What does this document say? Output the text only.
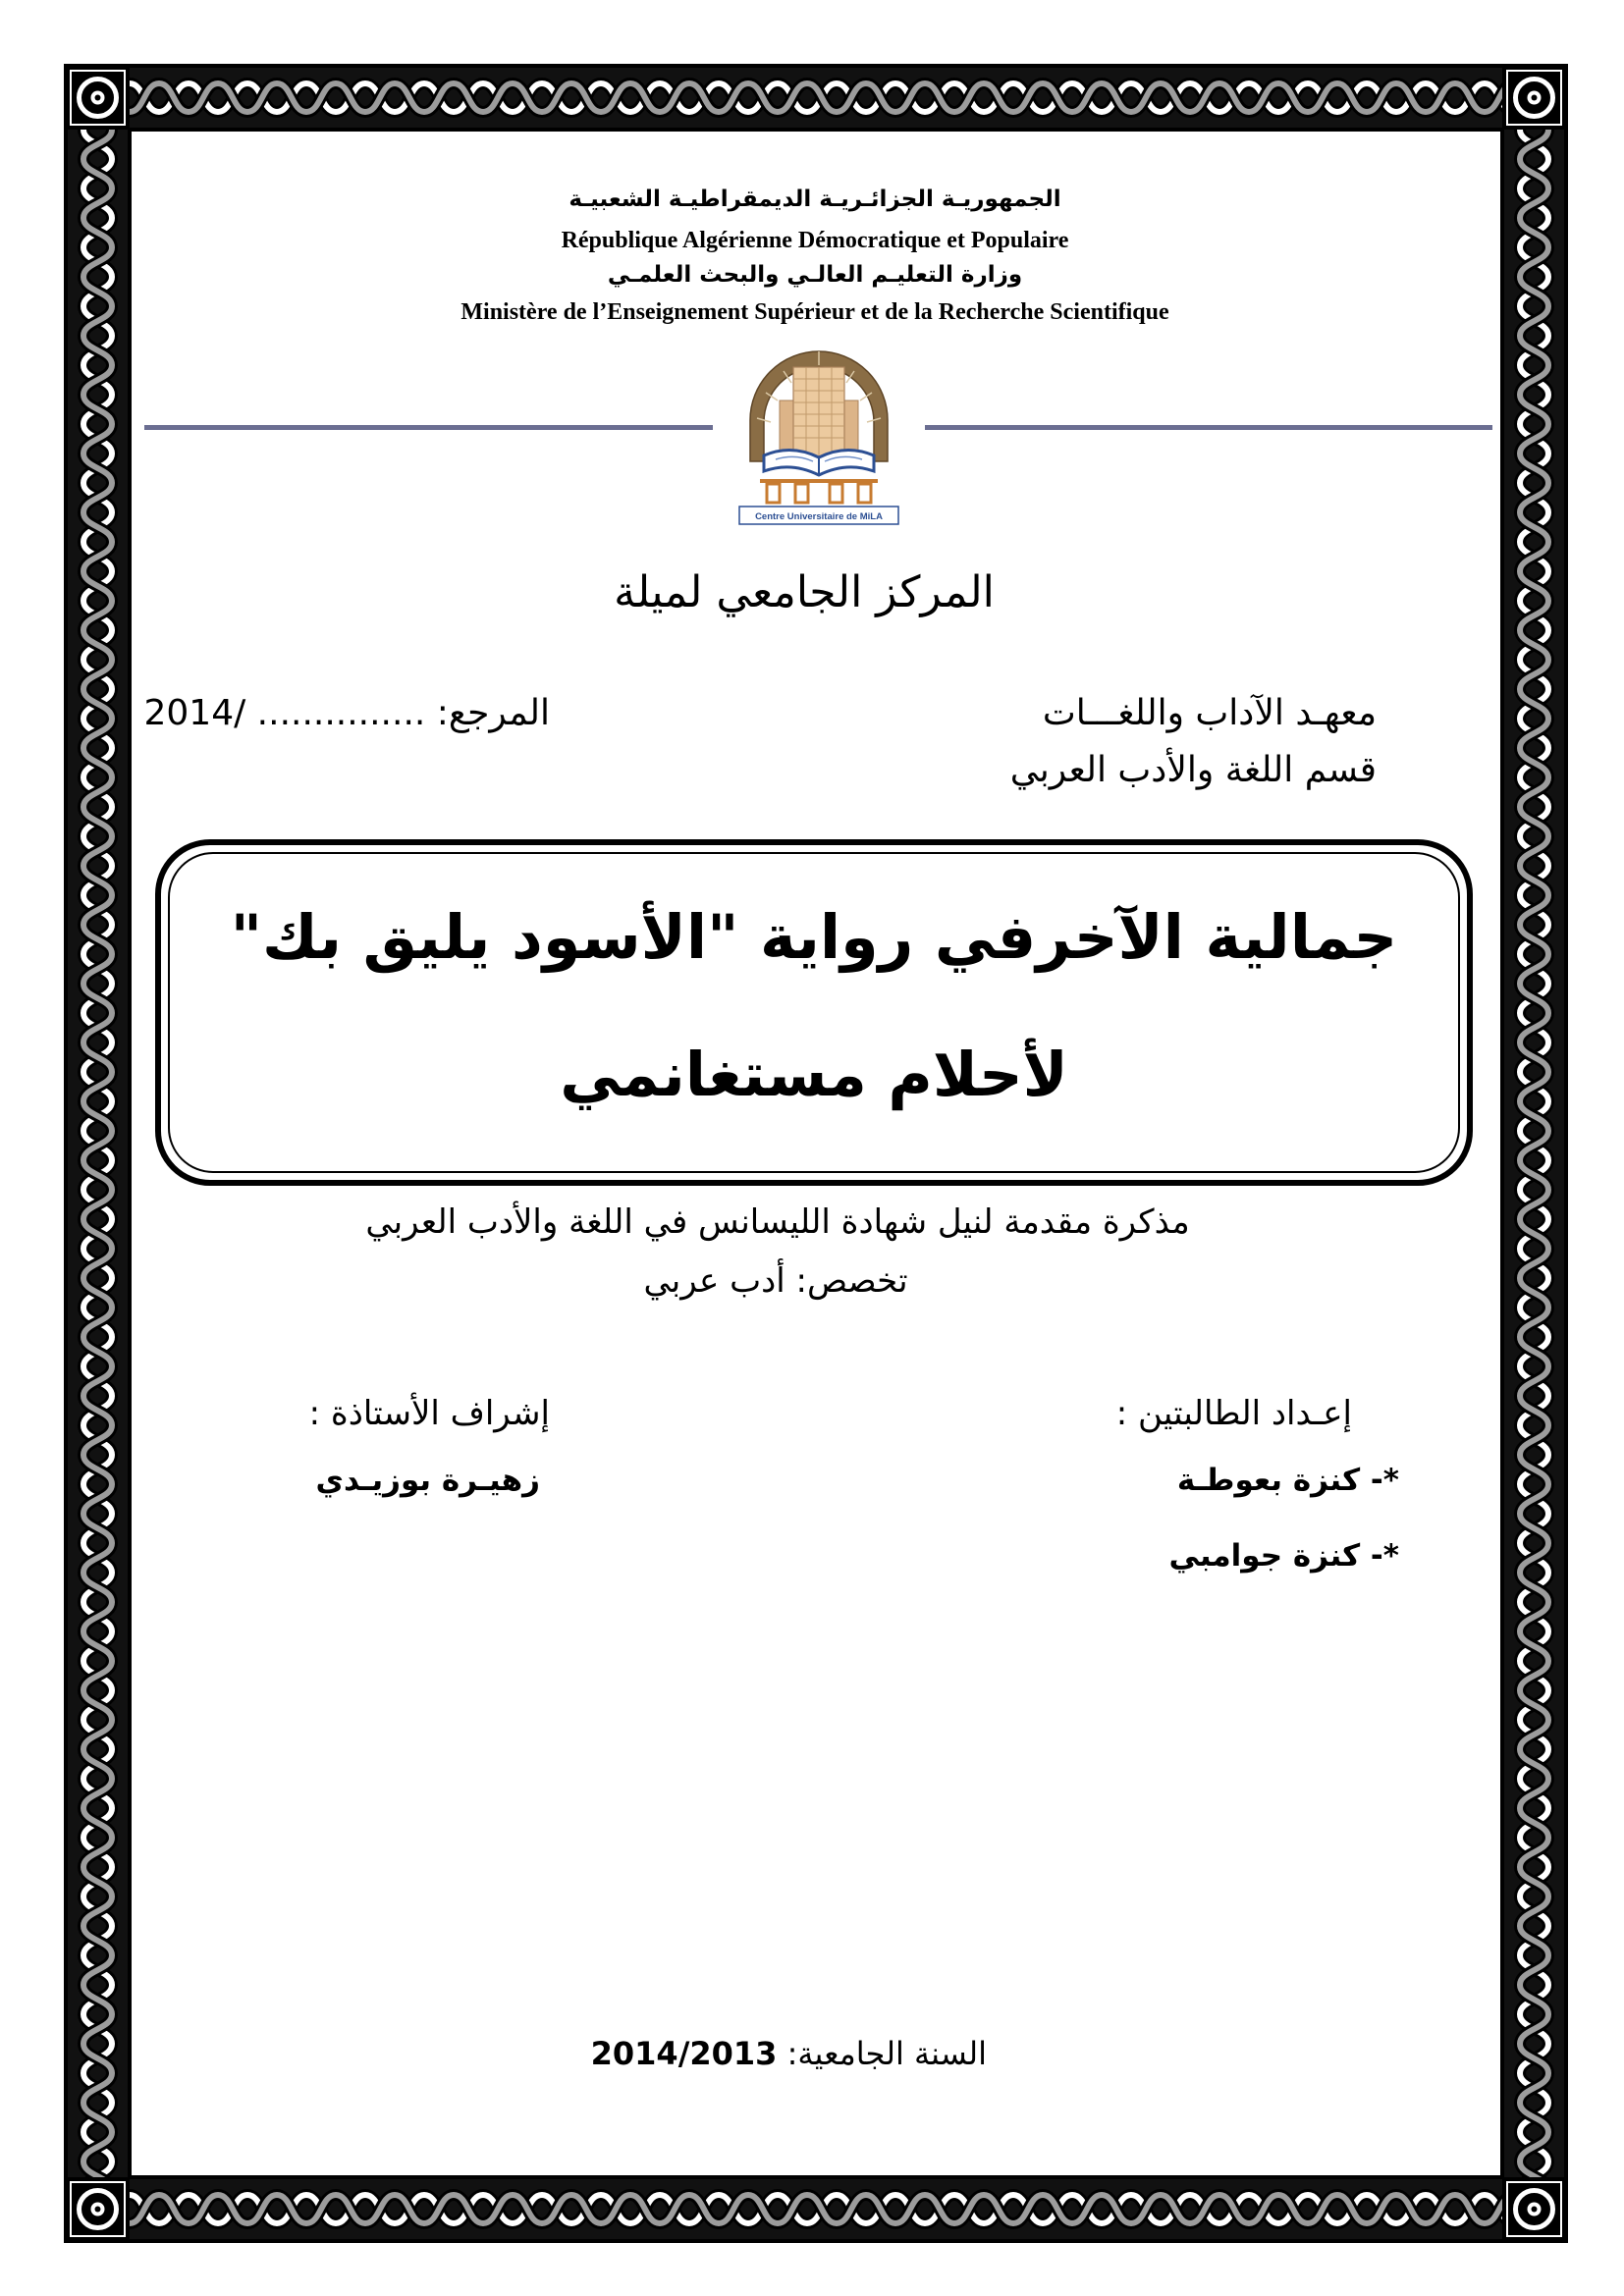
الجمهوريـة الجزائـريـة الديمقراطيـة الشعبيـة
République Algérienne Démocratique et Populaire
وزارة التعليـم العالـي والبحث العلمـي
Ministère de l’Enseignement Supérieur et de la Recherche Scientifique
Centre Universitaire de MiLA
المركز الجامعي لميلة
معهـد الآداب واللغـــات
قسم اللغة والأدب العربي
المرجع: ............... /2014
جمالية الآخرفي رواية "الأسود يليق بك"
لأحلام مستغانمي
مذكرة مقدمة لنيل شهادة الليسانس في اللغة والأدب العربي
تخصص: أدب عربي
إشراف الأستاذة :	إعـداد الطالبتين :
زهيـرة بوزيـدي	*- كنزة بعوطـة
*- كنزة جوامبي
السنة الجامعية: 2014/2013
